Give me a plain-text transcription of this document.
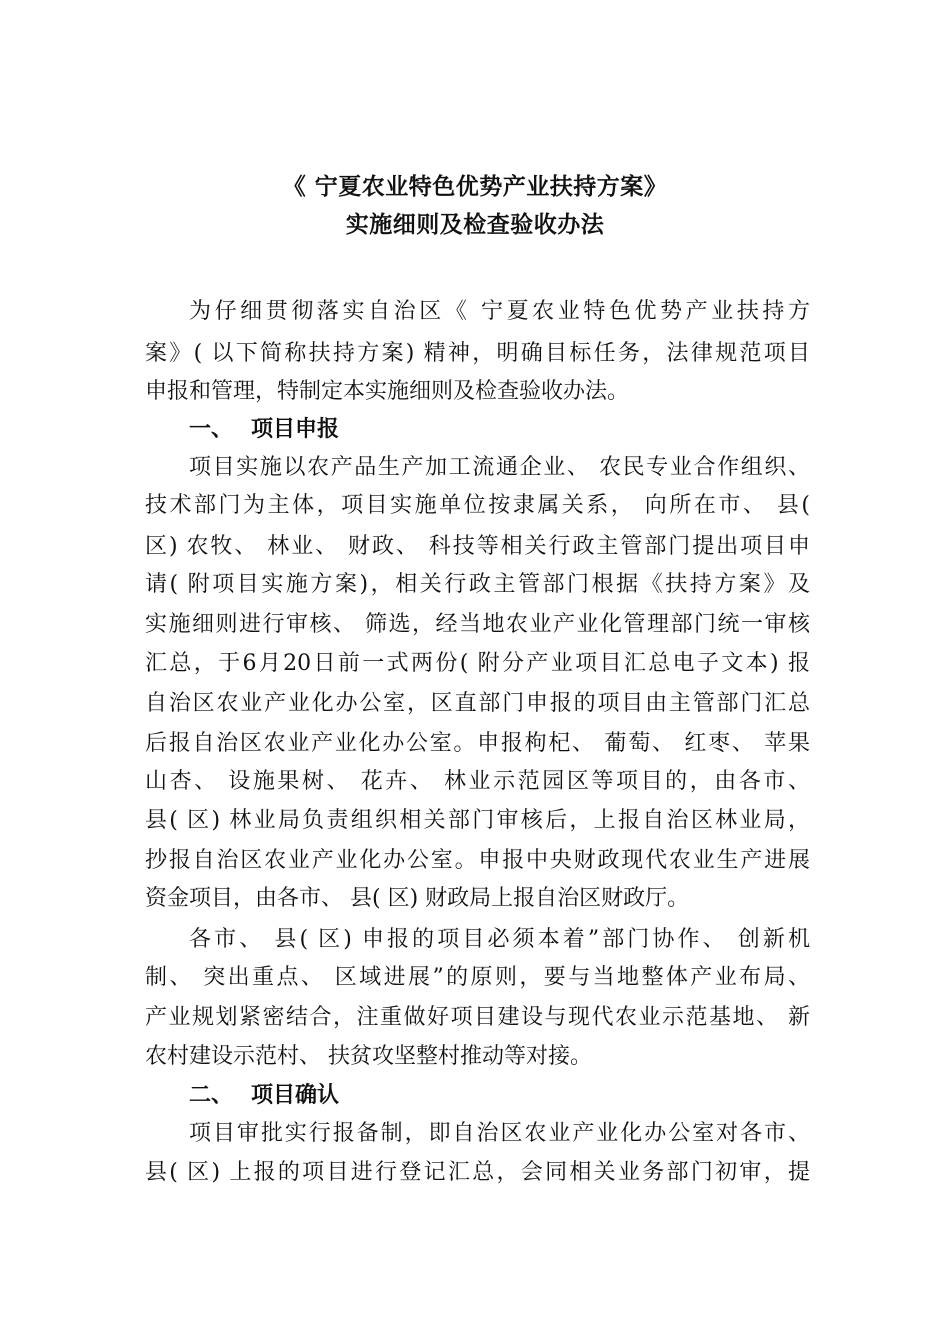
《 宁夏农业特色优势产业扶持方案》
实施细则及检查验收办法
为仔细贯彻落实自治区《 宁夏农业特色优势产业扶持方
案》( 以下简称扶持方案) 精神，明确目标任务，法律规范项目
申报和管理，特制定本实施细则及检查验收办法。
一、 项目申报
项目实施以农产品生产加工流通企业、 农民专业合作组织、
技术部门为主体，项目实施单位按隶属关系， 向所在市、 县(
区) 农牧、 林业、 财政、 科技等相关行政主管部门提出项目申
请( 附项目实施方案)，相关行政主管部门根据《扶持方案》及
实施细则进行审核、 筛选，经当地农业产业化管理部门统一审核
汇总，于6月20日前一式两份( 附分产业项目汇总电子文本) 报
自治区农业产业化办公室，区直部门申报的项目由主管部门汇总
后报自治区农业产业化办公室。申报枸杞、 葡萄、 红枣、 苹果
山杏、 设施果树、 花卉、 林业示范园区等项目的，由各市、
县( 区) 林业局负责组织相关部门审核后，上报自治区林业局，
抄报自治区农业产业化办公室。申报中央财政现代农业生产进展
资金项目，由各市、 县( 区) 财政局上报自治区财政厅。
各市、 县( 区) 申报的项目必须本着”部门协作、 创新机
制、 突出重点、 区域进展”的原则，要与当地整体产业布局、
产业规划紧密结合，注重做好项目建设与现代农业示范基地、 新
农村建设示范村、 扶贫攻坚整村推动等对接。
二、 项目确认
项目审批实行报备制，即自治区农业产业化办公室对各市、
县( 区) 上报的项目进行登记汇总，会同相关业务部门初审，提
